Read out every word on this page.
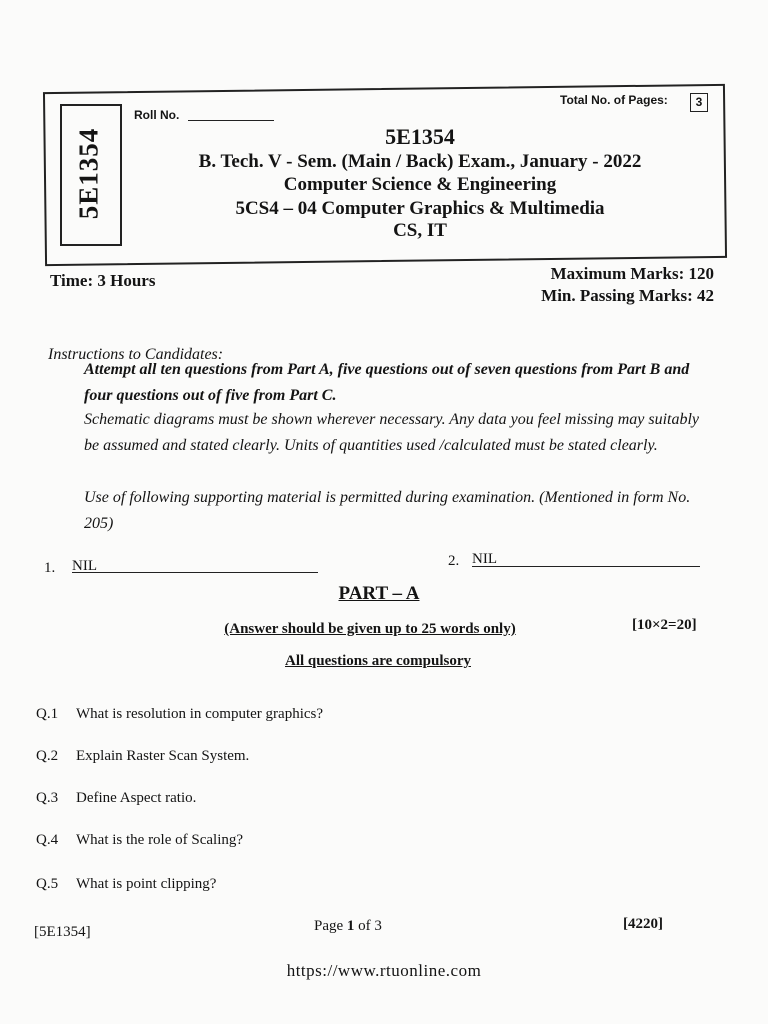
5E1354
Roll No.
Total No. of Pages:	3
5E1354
B. Tech. V - Sem. (Main / Back) Exam., January - 2022
Computer Science & Engineering
5CS4 – 04 Computer Graphics & Multimedia
CS, IT
Time: 3 Hours	Maximum Marks: 120
Min. Passing Marks: 42
Instructions to Candidates:
Attempt all ten questions from Part A, five questions out of seven questions from Part B and four questions out of five from Part C.
Schematic diagrams must be shown wherever necessary. Any data you feel missing may suitably be assumed and stated clearly. Units of quantities used /calculated must be stated clearly.
Use of following supporting material is permitted during examination. (Mentioned in form No. 205)
1. NIL	2. NIL
PART – A
(Answer should be given up to 25 words only)	[10×2=20]
All questions are compulsory
Q.1 What is resolution in computer graphics?
Q.2 Explain Raster Scan System.
Q.3 Define Aspect ratio.
Q.4 What is the role of Scaling?
Q.5 What is point clipping?
[5E1354]	Page 1 of 3	[4220]
https://www.rtuonline.com
